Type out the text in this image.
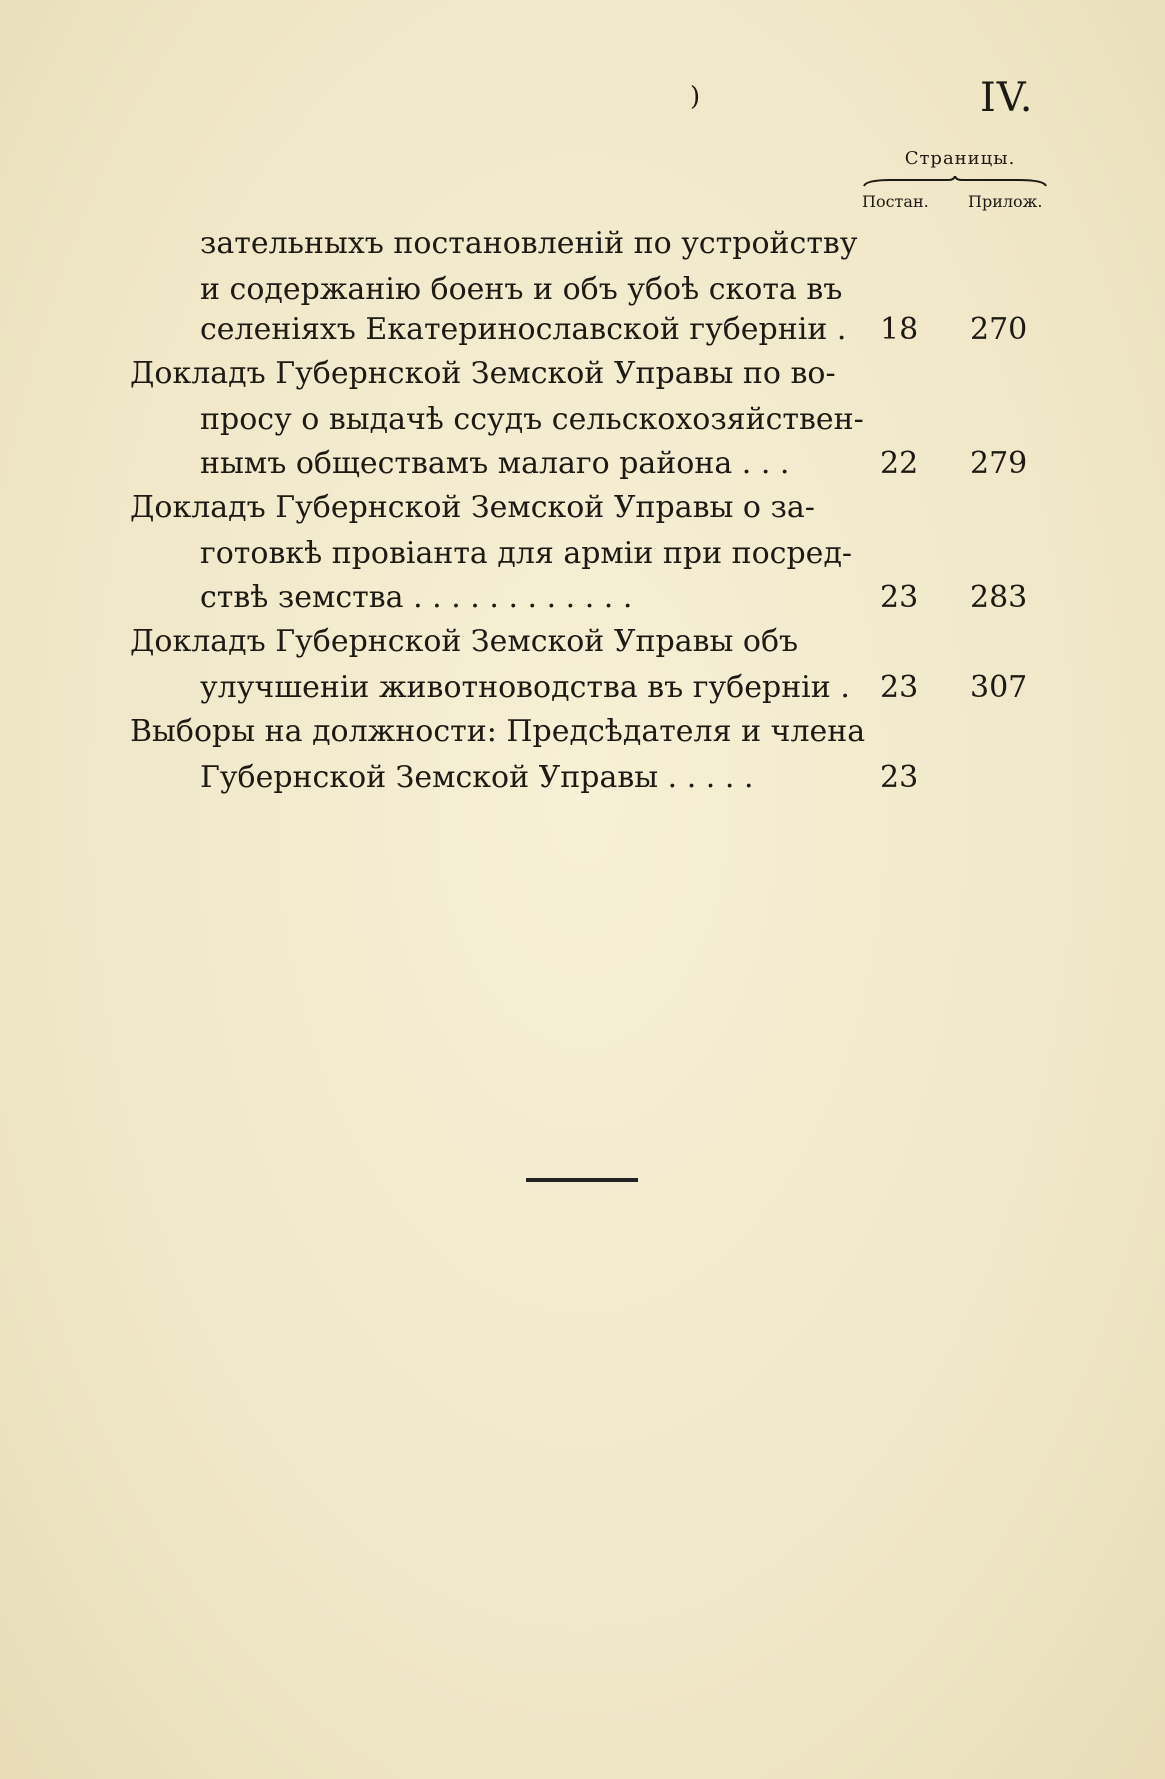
)	IV.
Страницы.
Постан. Прилож.
зательныхъ постановленій по устройству
и содержанію боенъ и объ убоѣ скота въ
селеніяхъ Екатеринославской губерніи . 18 270
Докладъ Губернской Земской Управы по во-
просу о выдачѣ ссудъ сельскохозяйствен-
нымъ обществамъ малаго района . . .	22 279
Докладъ Губернской Земской Управы о за-
готовкѣ провіанта для арміи при посред-
ствѣ земства . . . . . . . . . . . .	23 283
Докладъ Губернской Земской Управы объ
улучшеніи животноводства въ губерніи . 23 307
Выборы на должности: Предсѣдателя и члена
Губернской Земской Управы . . . . .	23
